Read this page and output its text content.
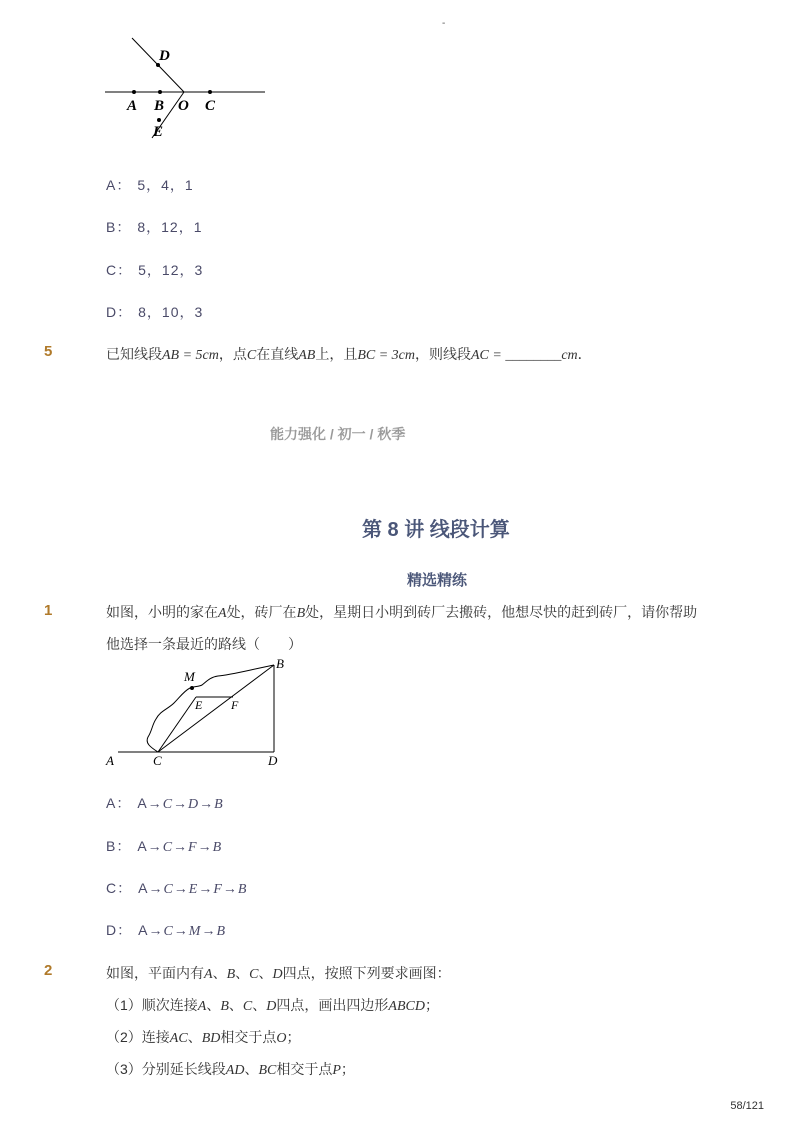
-
D
A B O C
E
A： 5，4，1
B： 8，12，1
C： 5，12，3
D： 8，10，3
5	已知线段AB = 5cm，点C在直线AB上，且BC = 3cm，则线段AC = ________cm．
能力强化 / 初一 / 秋季
第 8 讲 线段计算
精选精练
1	如图，小明的家在A处，砖厂在B处，星期日小明到砖厂去搬砖，他想尽快的赶到砖厂，请你帮助
他选择一条最近的路线（　　）
M
B
E F
A	C	D
A： A→C→D→B
B： A→C→F→B
C： A→C→E→F→B
D： A→C→M→B
2	如图，平面内有A、B、C、D四点，按照下列要求画图：
（1）顺次连接A、B、C、D四点，画出四边形ABCD；
（2）连接AC、BD相交于点O；
（3）分别延长线段AD、BC相交于点P；
58/121
